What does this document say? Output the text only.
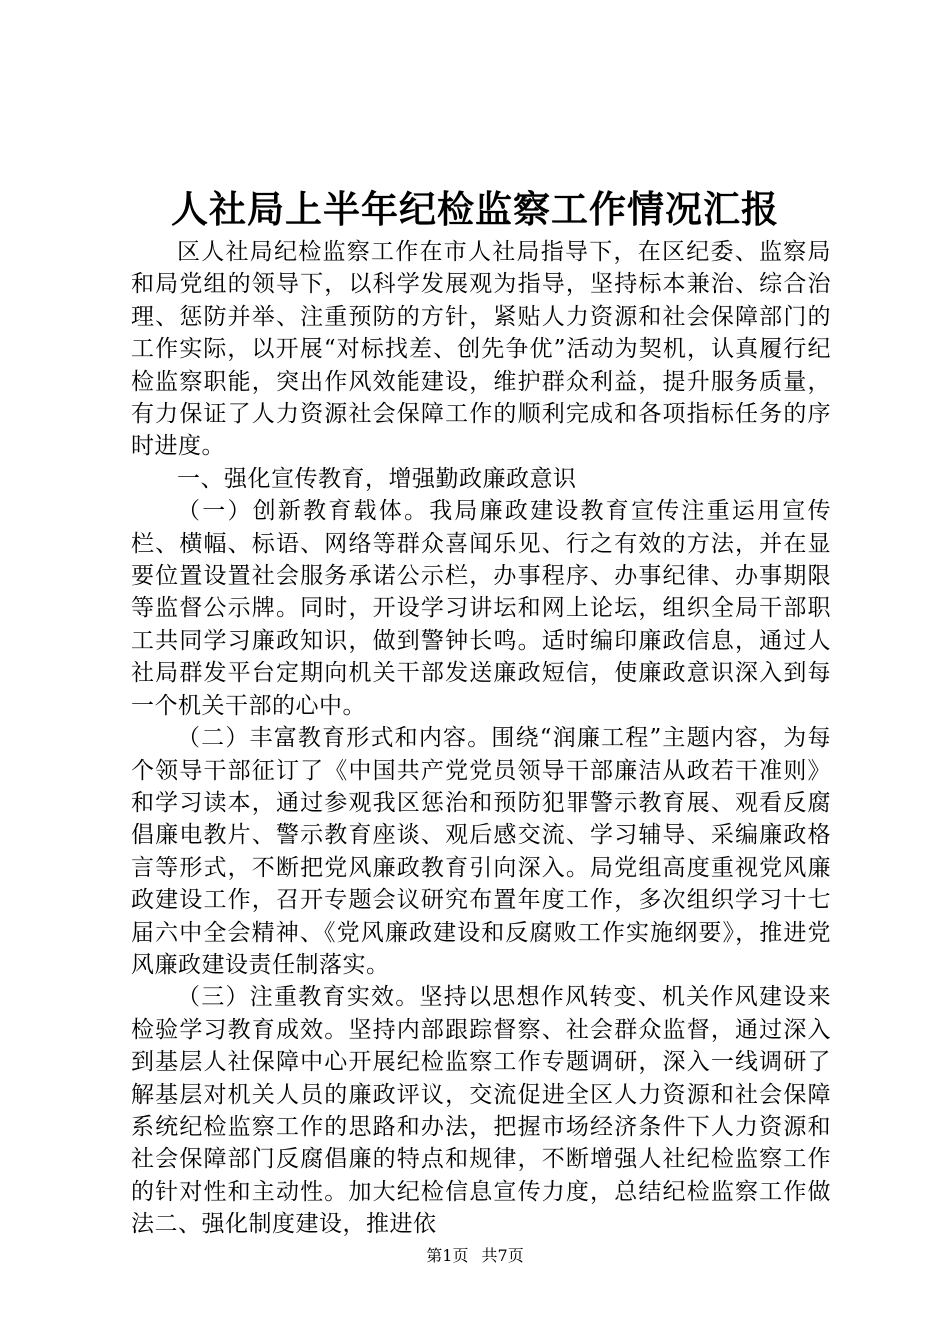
人社局上半年纪检监察工作情况汇报

区人社局纪检监察工作在市人社局指导下，在区纪委、监察局和局党组的领导下，以科学发展观为指导，坚持标本兼治、综合治理、惩防并举、注重预防的方针，紧贴人力资源和社会保障部门的工作实际，以开展“对标找差、创先争优”活动为契机，认真履行纪检监察职能，突出作风效能建设，维护群众利益，提升服务质量，有力保证了人力资源社会保障工作的顺利完成和各项指标任务的序时进度。

一、强化宣传教育，增强勤政廉政意识

（一）创新教育载体。我局廉政建设教育宣传注重运用宣传栏、横幅、标语、网络等群众喜闻乐见、行之有效的方法，并在显要位置设置社会服务承诺公示栏，办事程序、办事纪律、办事期限等监督公示牌。同时，开设学习讲坛和网上论坛，组织全局干部职工共同学习廉政知识，做到警钟长鸣。适时编印廉政信息，通过人社局群发平台定期向机关干部发送廉政短信，使廉政意识深入到每一个机关干部的心中。

（二）丰富教育形式和内容。围绕“润廉工程”主题内容，为每个领导干部征订了《中国共产党党员领导干部廉洁从政若干准则》和学习读本，通过参观我区惩治和预防犯罪警示教育展、观看反腐倡廉电教片、警示教育座谈、观后感交流、学习辅导、采编廉政格言等形式，不断把党风廉政教育引向深入。局党组高度重视党风廉政建设工作，召开专题会议研究布置年度工作，多次组织学习十七届六中全会精神、《党风廉政建设和反腐败工作实施纲要》，推进党风廉政建设责任制落实。

（三）注重教育实效。坚持以思想作风转变、机关作风建设来检验学习教育成效。坚持内部跟踪督察、社会群众监督，通过深入到基层人社保障中心开展纪检监察工作专题调研，深入一线调研了解基层对机关人员的廉政评议，交流促进全区人力资源和社会保障系统纪检监察工作的思路和办法，把握市场经济条件下人力资源和社会保障部门反腐倡廉的特点和规律，不断增强人社纪检监察工作的针对性和主动性。加大纪检信息宣传力度，总结纪检监察工作做法二、强化制度建设，推进依

第1页 共7页
